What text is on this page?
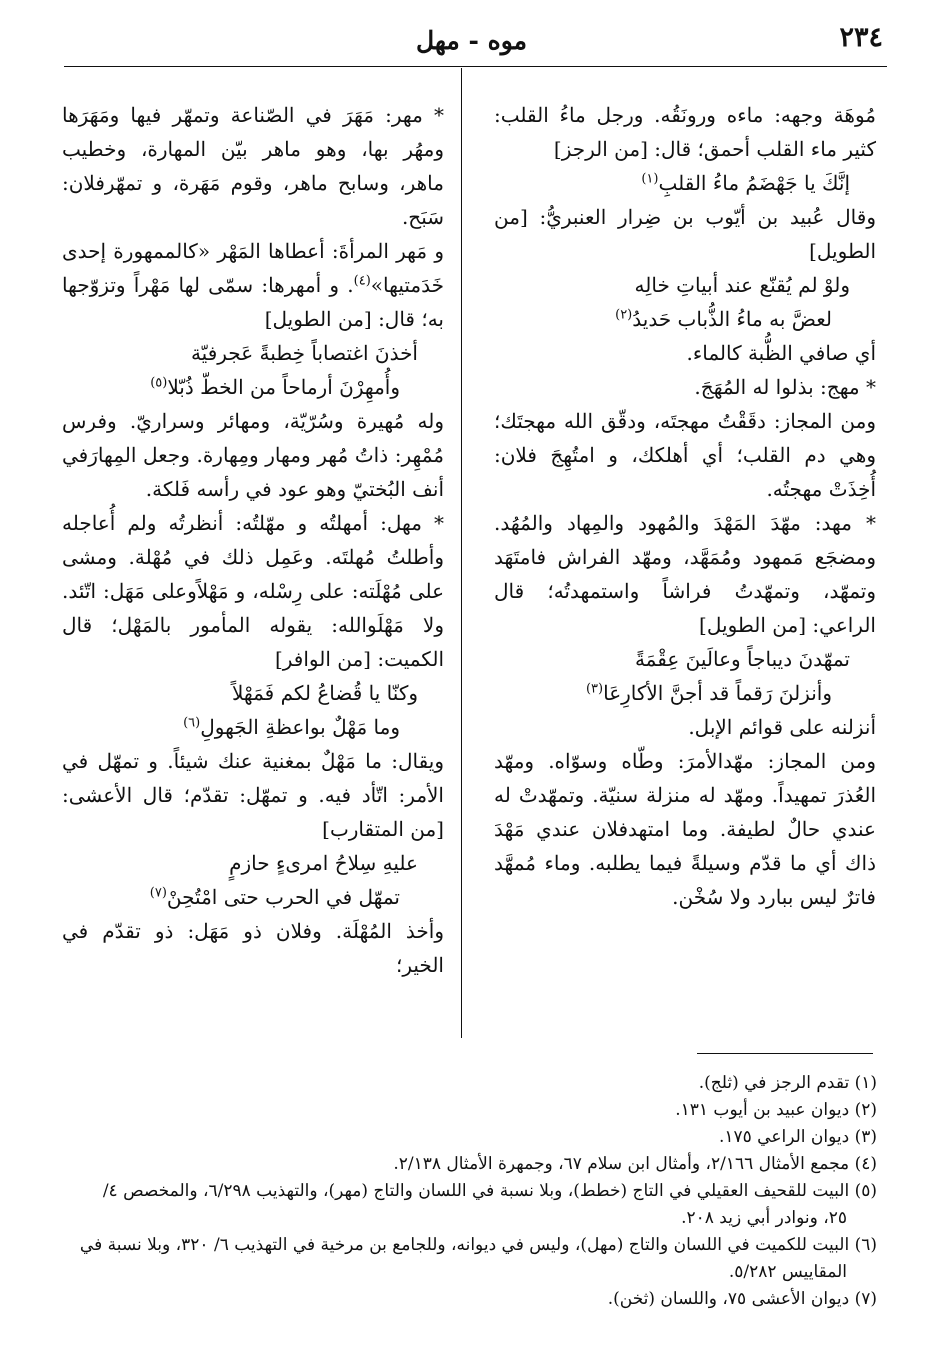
٢٣٤
موه - مهل

مُوهَة وجهه: ماءه ورونَقُه. ورجل ماءُ القلب: كثير ماء القلب أحمق؛ قال: [من الرجز]

إنَّكَ يا جَهْضَمُ ماءُ القلبِ$^{(١)}$

وقال عُبيد بن أيّوب بن ضِرار العنبريُّ: [من الطويل]

ولوْ لم يُقنّع عند أبياتِ خالِه
لعضَّ به ماءُ الذُّباب حَديدُ$^{(٢)}$

أي صافي الظُّبة كالماء.

* مهج: بذلوا له المُهَجَ.

ومن المجاز: دقَقْتُ مهجتَه، ودقّق الله مهجتَك؛ وهي دم القلب؛ أي أهلكك، و امتُهِجَ فلان: أُخِذَتْ مهجتُه.

* مهد: مهّدَ المَهْدَ والمُهود والمِهاد والمُهُد. ومضجَع مَمهود ومُمَهَّد، ومهّد الفراش فامتَهَد وتمهّد، وتمهّدتُ فراشاً واستمهدتُه؛ قال الراعي: [من الطويل]

تمهّدنَ ديباجاً وعالَينَ عِقْمَةً
وأنزلنَ رَقماً قد أجنَّ الأكارِعَا$^{(٣)}$

أنزلنه على قوائم الإبل.

ومن المجاز: مهّدالأمرَ: وطّاه وسوّاه. ومهّد العُذرَ تمهيداً. ومهّد له منزلة سنيّة. وتمهّدتْ له عندي حالٌ لطيفة. وما امتهدفلان عندي مَهْدَ ذاك أي ما قدّم وسيلةً فيما يطلبه. وماء مُمهَّد فاترٌ ليس ببارد ولا سُخْن.

* مهر: مَهَرَ في الصّناعة وتمهّر فيها ومَهَرَها ومهُر بها، وهو ماهر بيّن المهارة، وخطيب ماهر، وسابح ماهر، وقوم مَهَرة، و تمهّرفلان: سَبَح.

و مَهر المرأةَ: أعطاها المَهْر «كالممهورة إحدى خَدَمتيها»$^{(٤)}$. و أمهرها: سمّى لها مَهْراً وتزوّجها به؛ قال: [من الطويل]

أخذنَ اغتصاباً خِطبةً عَجرفيّة
وأُمهِرْنَ أرماحاً من الخطّ ذُبّلا$^{(٥)}$

وله مُهيرة وسُرّيّة، ومهائر وسراريّ. وفرس مُمْهِر: ذاتُ مُهر ومهار ومِهارة. وجعل المِهارَفي أنف البُختيّ وهو عود في رأسه فَلكة.

* مهل: أمهلتُه و مهّلتُه: أنظرتُه ولم أُعاجله وأطلتُ مُهلتَه. وعَمِل ذلك في مُهْلة. ومشى على مُهْلَته: على رِسْله، و مَهْلاًوعلى مَهَل: اتّئد. ولا مَهْلَوالله: يقوله المأمور بالمَهْل؛ قال الكميت: [من الوافر]

وكنّا يا قُضاعُ لكم فَمَهْلاً
وما مَهْلٌ بواعظةِ الجَهولِ$^{(٦)}$

ويقال: ما مَهْلٌ بمغنية عنك شيئاً. و تمهّل في الأمر: اتّأد فيه. و تمهّل: تقدّم؛ قال الأعشى: [من المتقارب]

عليهِ سِلاحُ امرىءٍ حازمٍ
تمهّل في الحرب حتى امْتُحِنْ$^{(٧)}$

وأخذ المُهْلَة. وفلان ذو مَهَل: ذو تقدّم في الخير؛

(١) تقدم الرجز في (ثلج).

(٢) ديوان عبيد بن أيوب ١٣١.

(٣) ديوان الراعي ١٧٥.

(٤) مجمع الأمثال ٢/١٦٦، وأمثال ابن سلام ٦٧، وجمهرة الأمثال ٢/١٣٨.

(٥) البيت للقحيف العقيلي في التاج (خطط)، وبلا نسبة في اللسان والتاج (مهر)، والتهذيب ٦/٢٩٨، والمخصص ٤/

٢٥، ونوادر أبي زيد ٢٠٨.

(٦) البيت للكميت في اللسان والتاج (مهل)، وليس في ديوانه، وللجامع بن مرخية في التهذيب ٦/ ٣٢٠، وبلا نسبة في

المقاييس ٥/٢٨٢.

(٧) ديوان الأعشى ٧٥، واللسان (ثخن).
